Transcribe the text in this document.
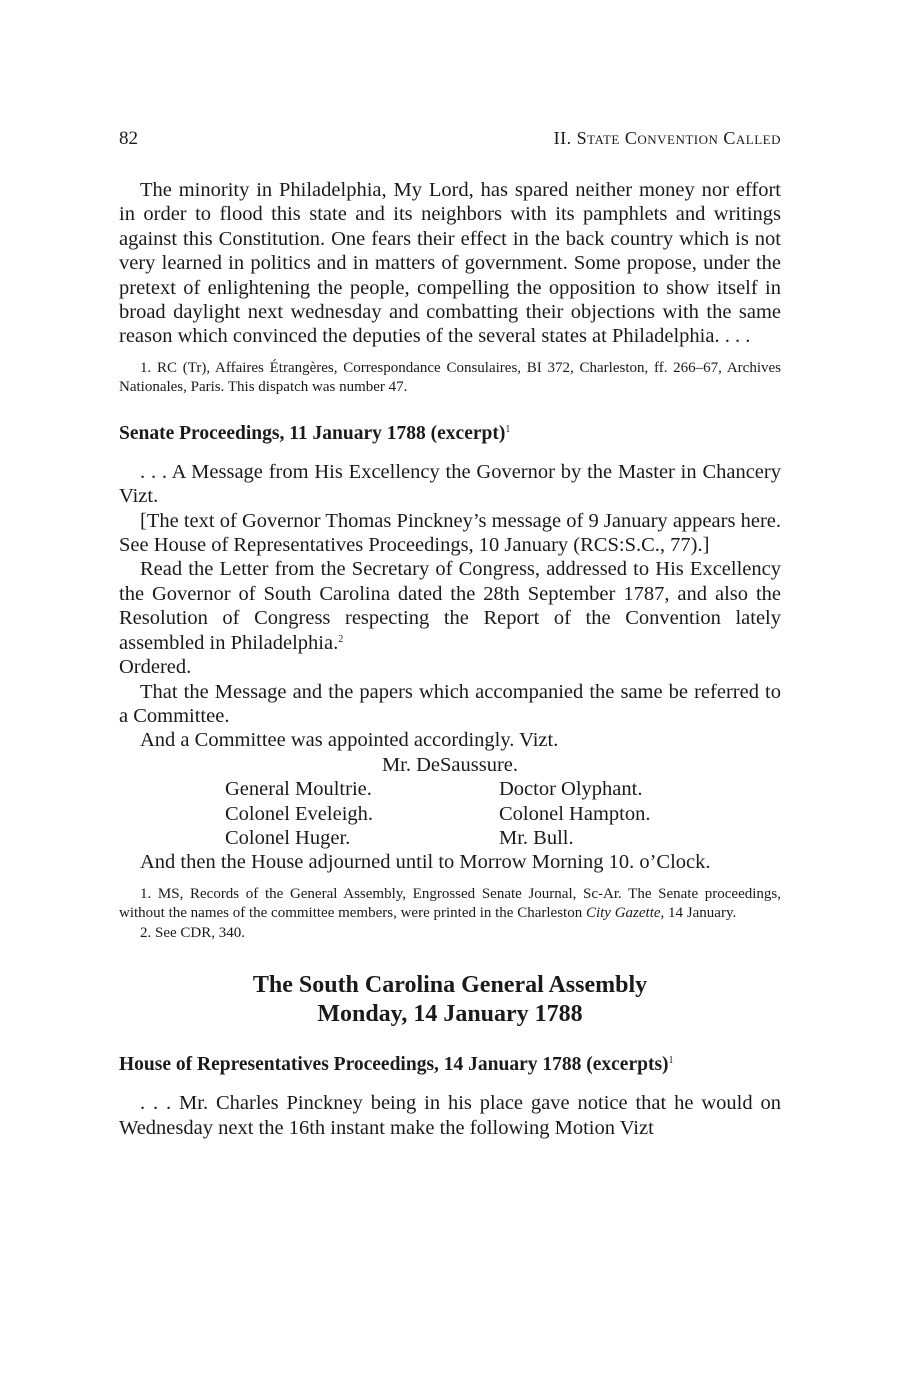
82	II. State Convention Called

The minority in Philadelphia, My Lord, has spared neither money nor effort in order to flood this state and its neighbors with its pamphlets and writings against this Constitution. One fears their effect in the back country which is not very learned in politics and in matters of government. Some propose, under the pretext of enlightening the people, compelling the opposition to show itself in broad daylight next wednesday and combatting their objections with the same reason which convinced the deputies of the several states at Philadelphia. . . .

1. RC (Tr), Affaires Étrangères, Correspondance Consulaires, BI 372, Charleston, ff. 266–67, Archives Nationales, Paris. This dispatch was number 47.

Senate Proceedings, 11 January 1788 (excerpt)$^1$

. . . A Message from His Excellency the Governor by the Master in Chancery Vizt.

[The text of Governor Thomas Pinckney’s message of 9 January appears here. See House of Representatives Proceedings, 10 January (RCS:S.C., 77).]

Read the Letter from the Secretary of Congress, addressed to His Excellency the Governor of South Carolina dated the 28th September 1787, and also the Resolution of Congress respecting the Report of the Convention lately assembled in Philadelphia.$^2$

Ordered.

That the Message and the papers which accompanied the same be referred to a Committee.

And a Committee was appointed accordingly. Vizt.

Mr. DeSaussure.
General Moultrie.	Doctor Olyphant.
Colonel Eveleigh.	Colonel Hampton.
Colonel Huger.	Mr. Bull.

And then the House adjourned until to Morrow Morning 10. o’Clock.

1. MS, Records of the General Assembly, Engrossed Senate Journal, Sc-Ar. The Senate proceedings, without the names of the committee members, were printed in the Charleston City Gazette, 14 January.

2. See CDR, 340.

The South Carolina General Assembly
Monday, 14 January 1788
House of Representatives Proceedings, 14 January 1788 (excerpts)$^1$

. . . Mr. Charles Pinckney being in his place gave notice that he would on Wednesday next the 16th instant make the following Motion Vizt
